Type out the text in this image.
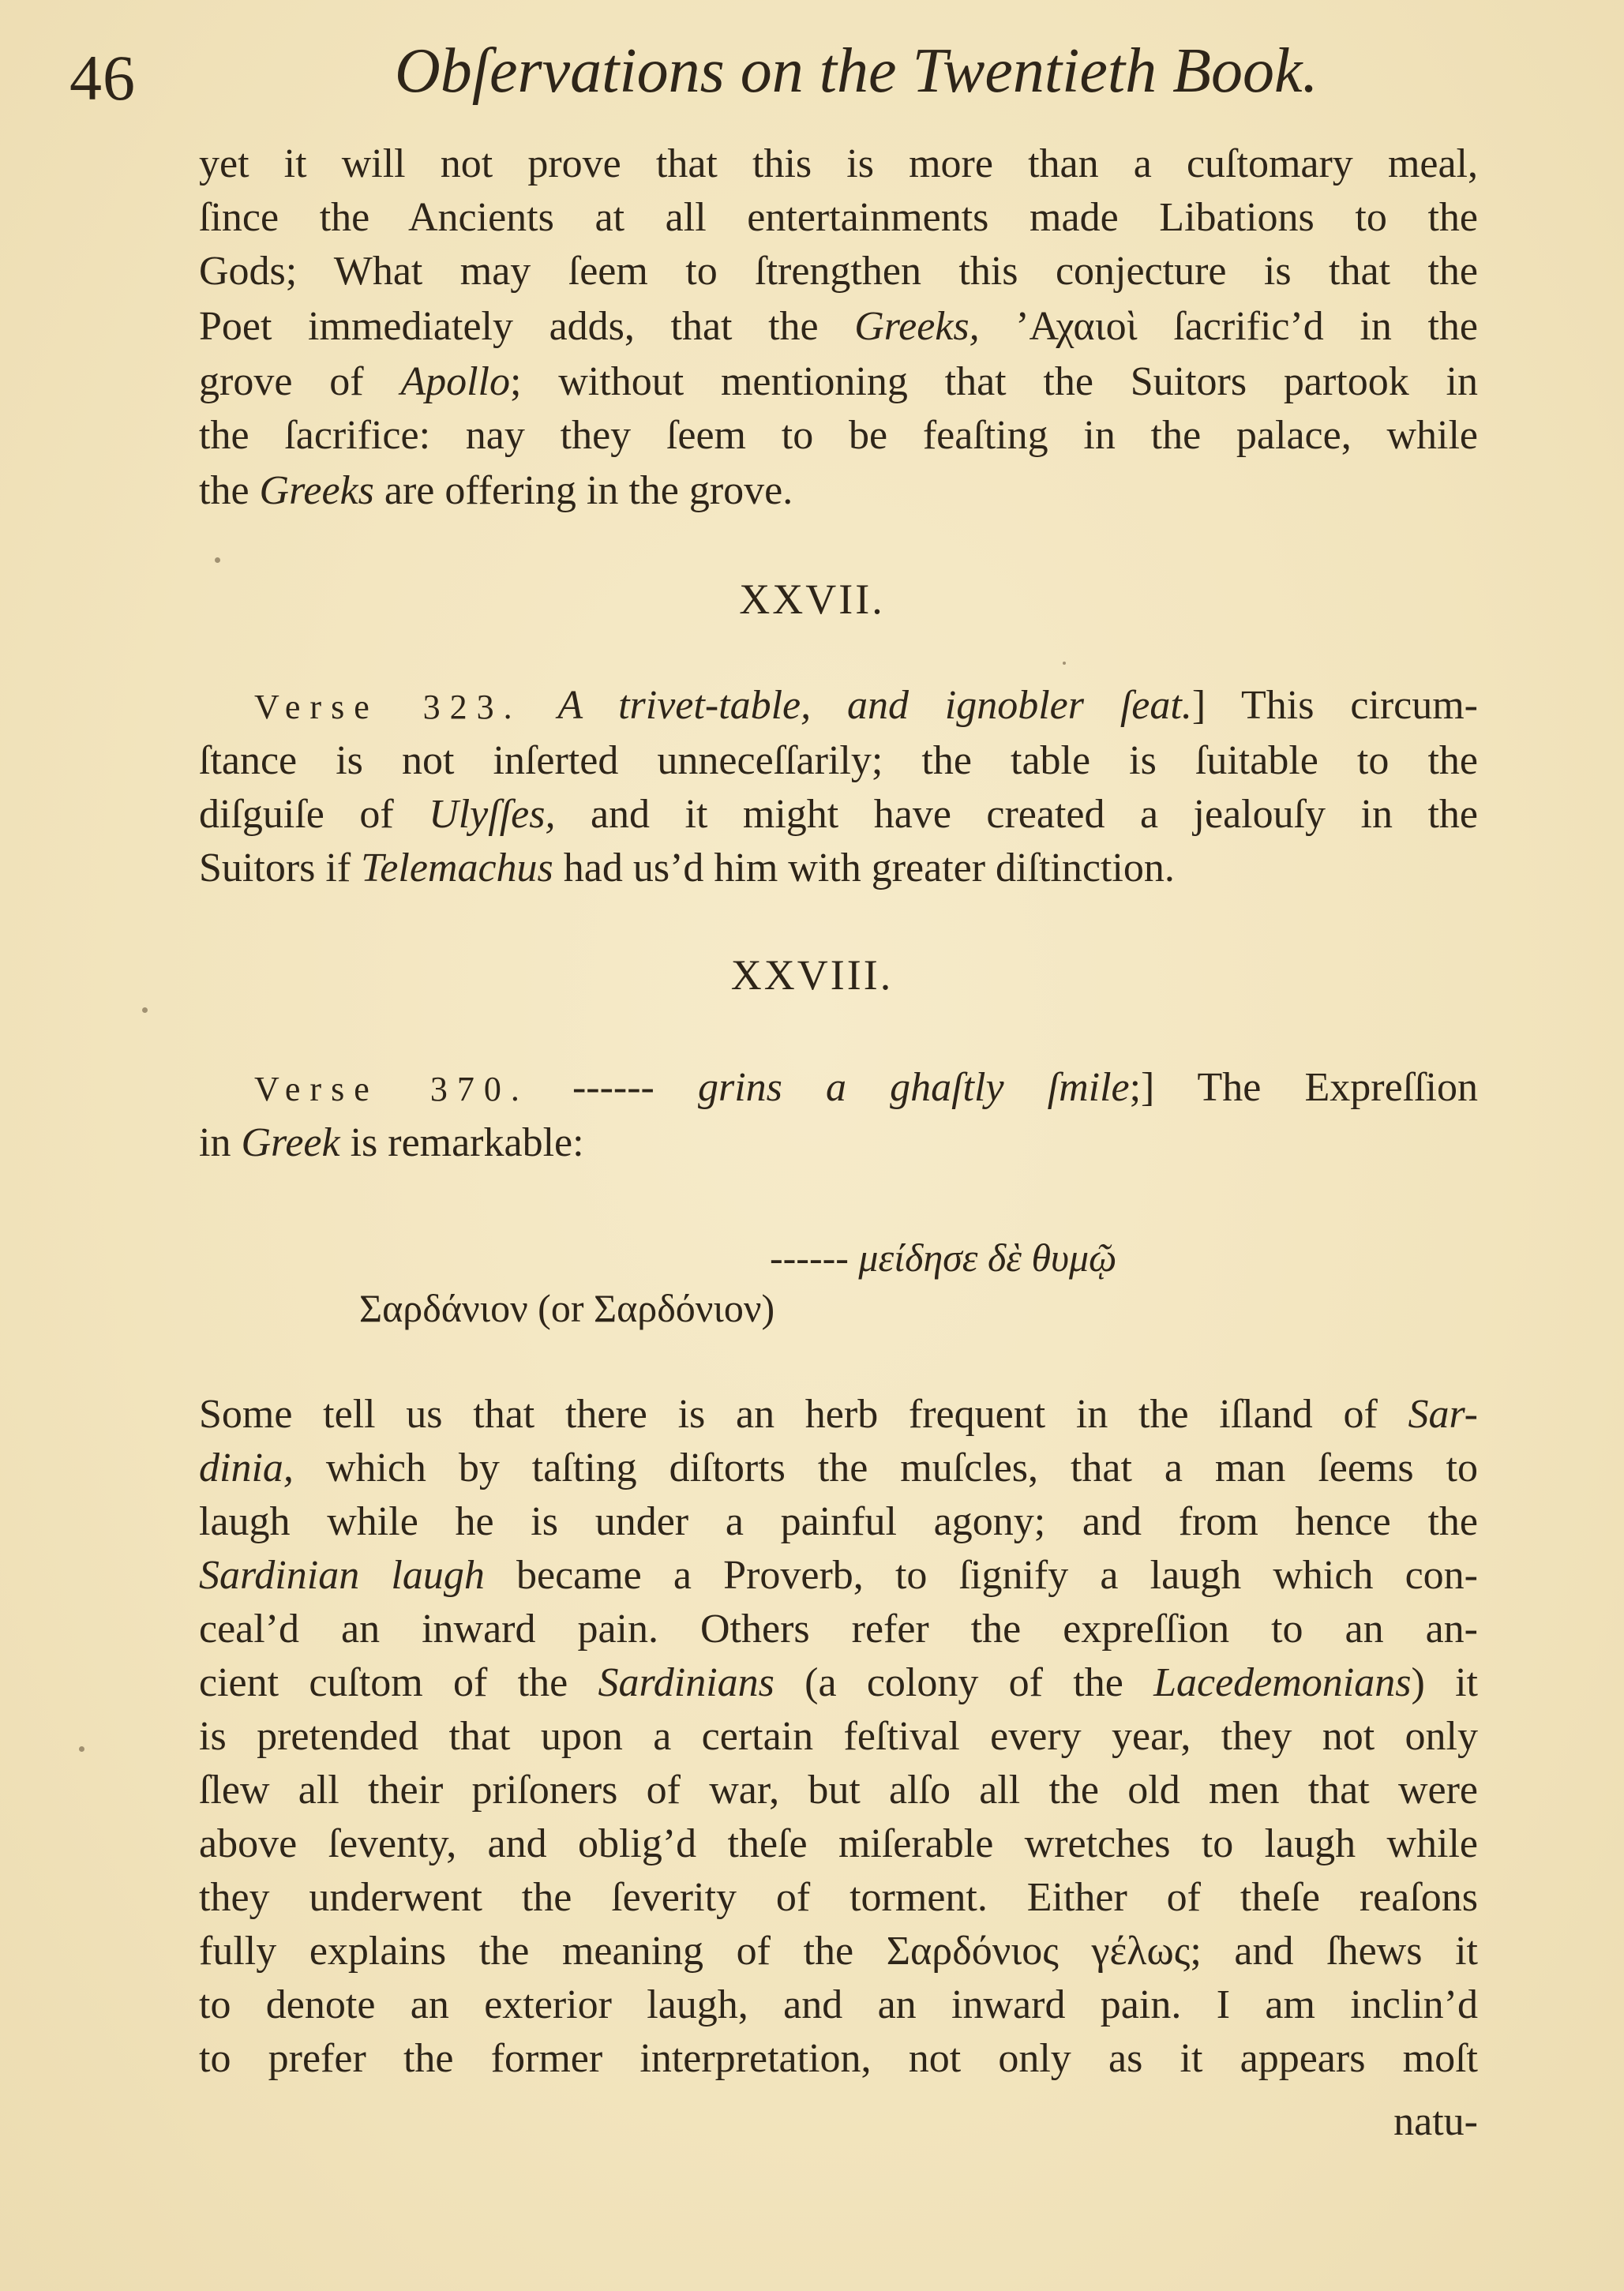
46	Obſervations on the Twentieth Book.
yet it will not prove that this is more than a cuſtomary meal,
ſince the Ancients at all entertainments made Libations to the
Gods; What may ſeem to ſtrengthen this conjecture is that the
Poet immediately adds, that the Greeks, ’Αχαιοὶ ſacrific’d in the
grove of Apollo; without mentioning that the Suitors partook in
the ſacrifice: nay they ſeem to be feaſting in the palace, while
the Greeks are offering in the grove.
XXVII.
Verse 323. A trivet-table, and ignobler ſeat.] This circum-
ſtance is not inſerted unneceſſarily; the table is ſuitable to the
diſguiſe of Ulyſſes, and it might have created a jealouſy in the
Suitors if Telemachus had us’d him with greater diſtinction.
XXVIII.
Verse 370. ------ grins a ghaſtly ſmile;] The Expreſſion
in Greek is remarkable:
------ μείδησε δὲ θυμῷ
Σαρδάνιον (or Σαρδόνιον)
Some tell us that there is an herb frequent in the iſland of Sar-
dinia, which by taſting diſtorts the muſcles, that a man ſeems to
laugh while he is under a painful agony; and from hence the
Sardinian laugh became a Proverb, to ſignify a laugh which con-
ceal’d an inward pain. Others refer the expreſſion to an an-
cient cuſtom of the Sardinians (a colony of the Lacedemonians) it
is pretended that upon a certain feſtival every year, they not only
ſlew all their priſoners of war, but alſo all the old men that were
above ſeventy, and oblig’d theſe miſerable wretches to laugh while
they underwent the ſeverity of torment. Either of theſe reaſons
fully explains the meaning of the Σαρδόνιος γέλως; and ſhews it
to denote an exterior laugh, and an inward pain. I am inclin’d
to prefer the former interpretation, not only as it appears moſt
natu-
